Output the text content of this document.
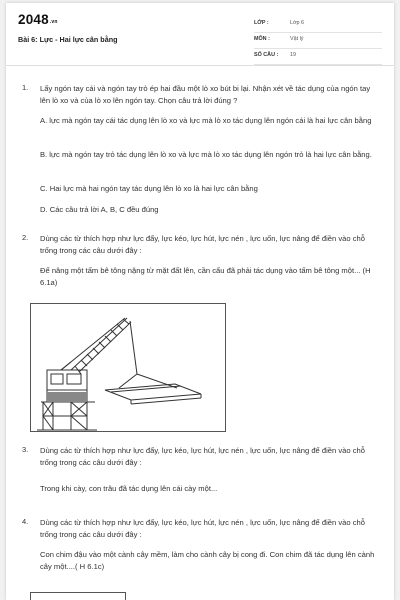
2048.vn
Bài 6: Lực - Hai lực cân bằng
LỚP :	Lớp 6
MÔN :	Vật lý
SỐ CÂU : 19
1. Lấy ngón tay cái và ngón tay trỏ ép hai đầu một lò xo bút bi lại. Nhận xét về tác dụng của ngón tay lên lò xo và của lò xo lên ngón tay. Chọn câu trả lời đúng ?
A. lực mà ngón tay cái tác dụng lên lò xo và lực mà lò xo tác dụng lên ngón cái là hai lực cân bằng
B. lực mà ngón tay trỏ tác dụng lên lò xo và lực mà lò xo tác dụng lên ngón trỏ là hai lực cân bằng.
C. Hai lực mà hai ngón tay tác dụng lên lò xo là hai lực cân bằng
D. Các câu trả lời A, B, C đều đúng
2. Dùng các từ thích hợp như lực đẩy, lực kéo, lực hút, lực nén , lực uốn, lực nâng để điền vào chỗ trống trong các câu dưới đây :
Để nâng một tấm bê tông nặng từ mặt đất lên, cần cẩu đã phải tác dụng vào tấm bê tông một... (H 6.1a)
3. Dùng các từ thích hợp như lực đẩy, lực kéo, lực hút, lực nén , lực uốn, lực nâng để điền vào chỗ trống trong các câu dưới đây :
Trong khi cày, con trâu đã tác dụng lên cái cày một...
4. Dùng các từ thích hợp như lực đẩy, lực kéo, lực hút, lực nén , lực uốn, lực nâng để điền vào chỗ trống trong các câu dưới đây :
Con chim đậu vào một cành cây mềm, làm cho cành cây bị cong đi. Con chim đã tác dụng lên cành cây một....( H 6.1c)
